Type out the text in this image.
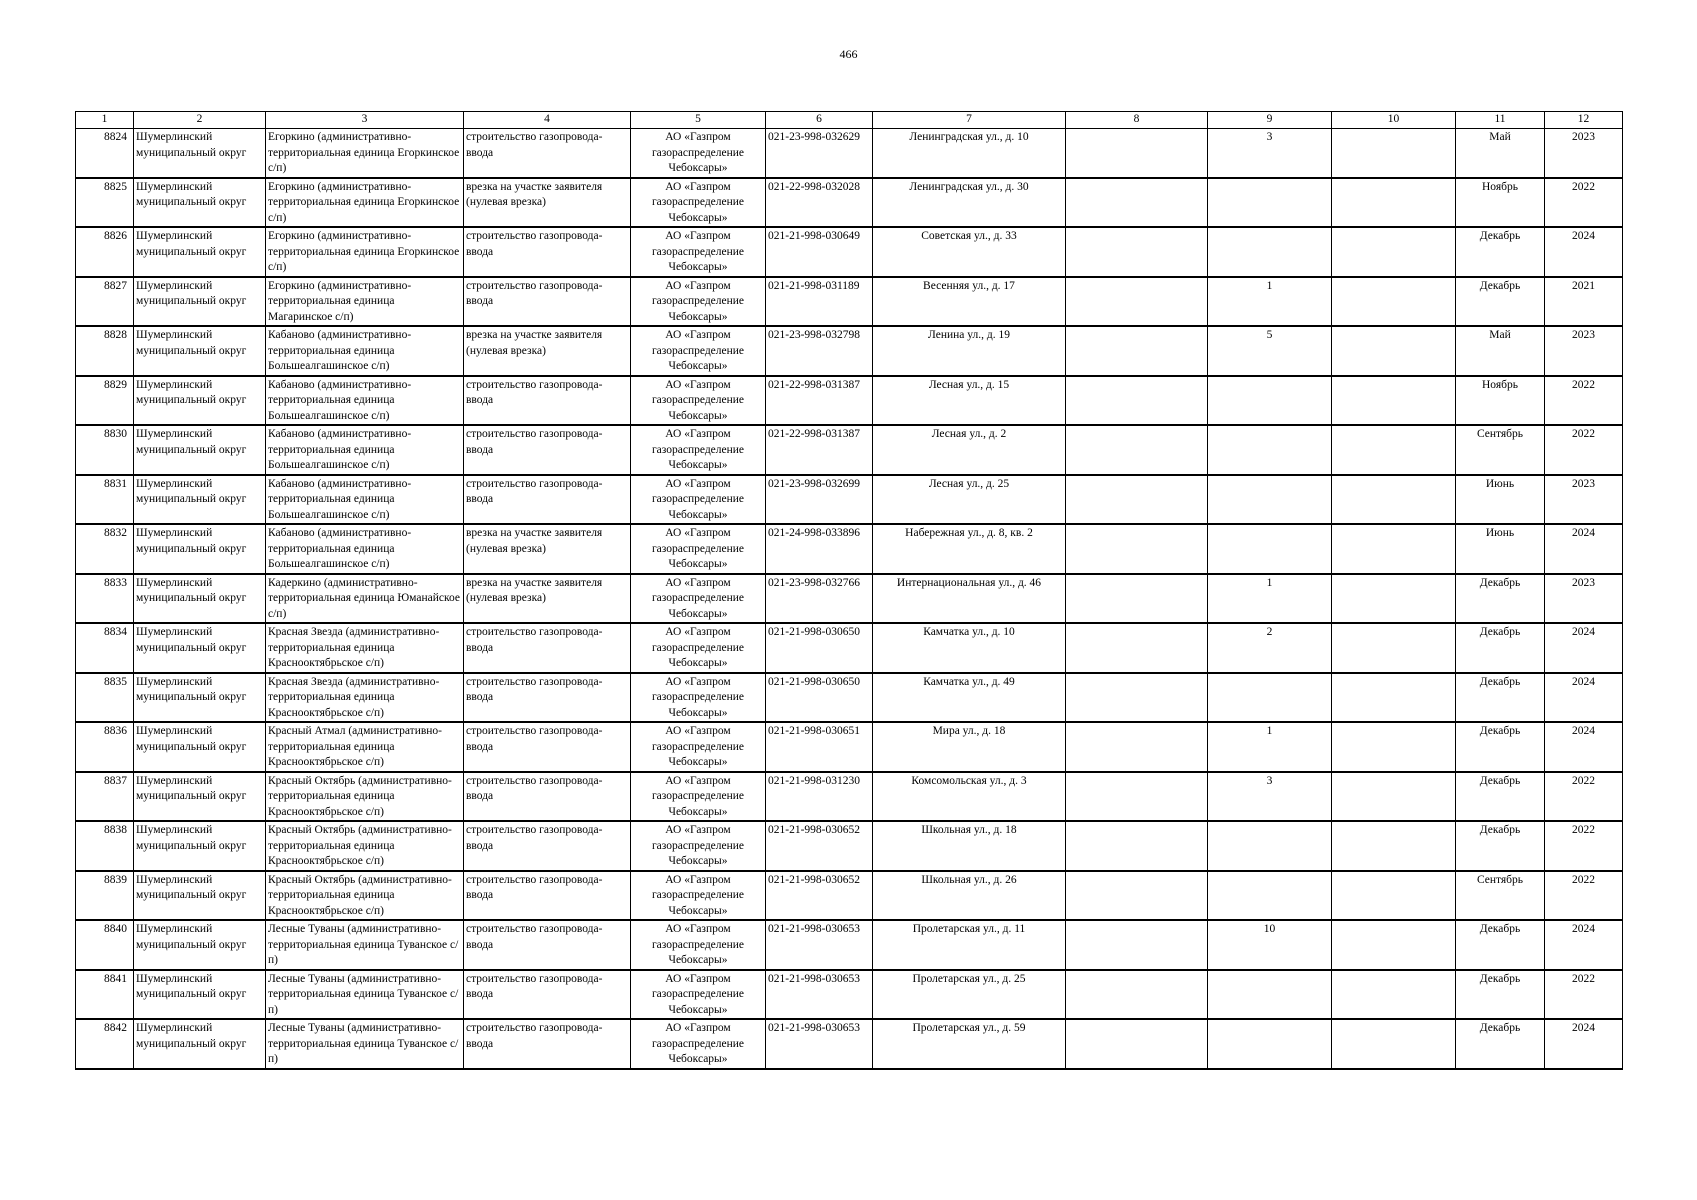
466
1	2	3	4	5	6	7	8	9	10	11	12
8824	Шумерлинский муниципальный округ	Егоркино (административно-территориальная единица Егоркинское с/п)	строительство газопровода-ввода	АО «Газпром газораспределение Чебоксары»	021-23-998-032629	Ленинградская ул., д. 10		3		Май	2023
8825	Шумерлинский муниципальный округ	Егоркино (административно-территориальная единица Егоркинское с/п)	врезка на участке заявителя (нулевая врезка)	АО «Газпром газораспределение Чебоксары»	021-22-998-032028	Ленинградская ул., д. 30				Ноябрь	2022
8826	Шумерлинский муниципальный округ	Егоркино (административно-территориальная единица Егоркинское с/п)	строительство газопровода-ввода	АО «Газпром газораспределение Чебоксары»	021-21-998-030649	Советская ул., д. 33				Декабрь	2024
8827	Шумерлинский муниципальный округ	Егоркино (административно-территориальная единица Магаринское с/п)	строительство газопровода-ввода	АО «Газпром газораспределение Чебоксары»	021-21-998-031189	Весенняя ул., д. 17		1		Декабрь	2021
8828	Шумерлинский муниципальный округ	Кабаново (административно-территориальная единица Большеалгашинское с/п)	врезка на участке заявителя (нулевая врезка)	АО «Газпром газораспределение Чебоксары»	021-23-998-032798	Ленина ул., д. 19		5		Май	2023
8829	Шумерлинский муниципальный округ	Кабаново (административно-территориальная единица Большеалгашинское с/п)	строительство газопровода-ввода	АО «Газпром газораспределение Чебоксары»	021-22-998-031387	Лесная ул., д. 15				Ноябрь	2022
8830	Шумерлинский муниципальный округ	Кабаново (административно-территориальная единица Большеалгашинское с/п)	строительство газопровода-ввода	АО «Газпром газораспределение Чебоксары»	021-22-998-031387	Лесная ул., д. 2				Сентябрь	2022
8831	Шумерлинский муниципальный округ	Кабаново (административно-территориальная единица Большеалгашинское с/п)	строительство газопровода-ввода	АО «Газпром газораспределение Чебоксары»	021-23-998-032699	Лесная ул., д. 25				Июнь	2023
8832	Шумерлинский муниципальный округ	Кабаново (административно-территориальная единица Большеалгашинское с/п)	врезка на участке заявителя (нулевая врезка)	АО «Газпром газораспределение Чебоксары»	021-24-998-033896	Набережная ул., д. 8, кв. 2				Июнь	2024
8833	Шумерлинский муниципальный округ	Кадеркино (административно-территориальная единица Юманайское с/п)	врезка на участке заявителя (нулевая врезка)	АО «Газпром газораспределение Чебоксары»	021-23-998-032766	Интернациональная ул., д. 46		1		Декабрь	2023
8834	Шумерлинский муниципальный округ	Красная Звезда (административно-территориальная единица Краснооктябрьское с/п)	строительство газопровода-ввода	АО «Газпром газораспределение Чебоксары»	021-21-998-030650	Камчатка ул., д. 10		2		Декабрь	2024
8835	Шумерлинский муниципальный округ	Красная Звезда (административно-территориальная единица Краснооктябрьское с/п)	строительство газопровода-ввода	АО «Газпром газораспределение Чебоксары»	021-21-998-030650	Камчатка ул., д. 49				Декабрь	2024
8836	Шумерлинский муниципальный округ	Красный Атмал (административно-территориальная единица Краснооктябрьское с/п)	строительство газопровода-ввода	АО «Газпром газораспределение Чебоксары»	021-21-998-030651	Мира ул., д. 18		1		Декабрь	2024
8837	Шумерлинский муниципальный округ	Красный Октябрь (административно-территориальная единица Краснооктябрьское с/п)	строительство газопровода-ввода	АО «Газпром газораспределение Чебоксары»	021-21-998-031230	Комсомольская ул., д. 3		3		Декабрь	2022
8838	Шумерлинский муниципальный округ	Красный Октябрь (административно-территориальная единица Краснооктябрьское с/п)	строительство газопровода-ввода	АО «Газпром газораспределение Чебоксары»	021-21-998-030652	Школьная ул., д. 18				Декабрь	2022
8839	Шумерлинский муниципальный округ	Красный Октябрь (административно-территориальная единица Краснооктябрьское с/п)	строительство газопровода-ввода	АО «Газпром газораспределение Чебоксары»	021-21-998-030652	Школьная ул., д. 26				Сентябрь	2022
8840	Шумерлинский муниципальный округ	Лесные Туваны (административно-территориальная единица Туванское с/п)	строительство газопровода-ввода	АО «Газпром газораспределение Чебоксары»	021-21-998-030653	Пролетарская ул., д. 11		10		Декабрь	2024
8841	Шумерлинский муниципальный округ	Лесные Туваны (административно-территориальная единица Туванское с/п)	строительство газопровода-ввода	АО «Газпром газораспределение Чебоксары»	021-21-998-030653	Пролетарская ул., д. 25				Декабрь	2022
8842	Шумерлинский муниципальный округ	Лесные Туваны (административно-территориальная единица Туванское с/п)	строительство газопровода-ввода	АО «Газпром газораспределение Чебоксары»	021-21-998-030653	Пролетарская ул., д. 59				Декабрь	2024
